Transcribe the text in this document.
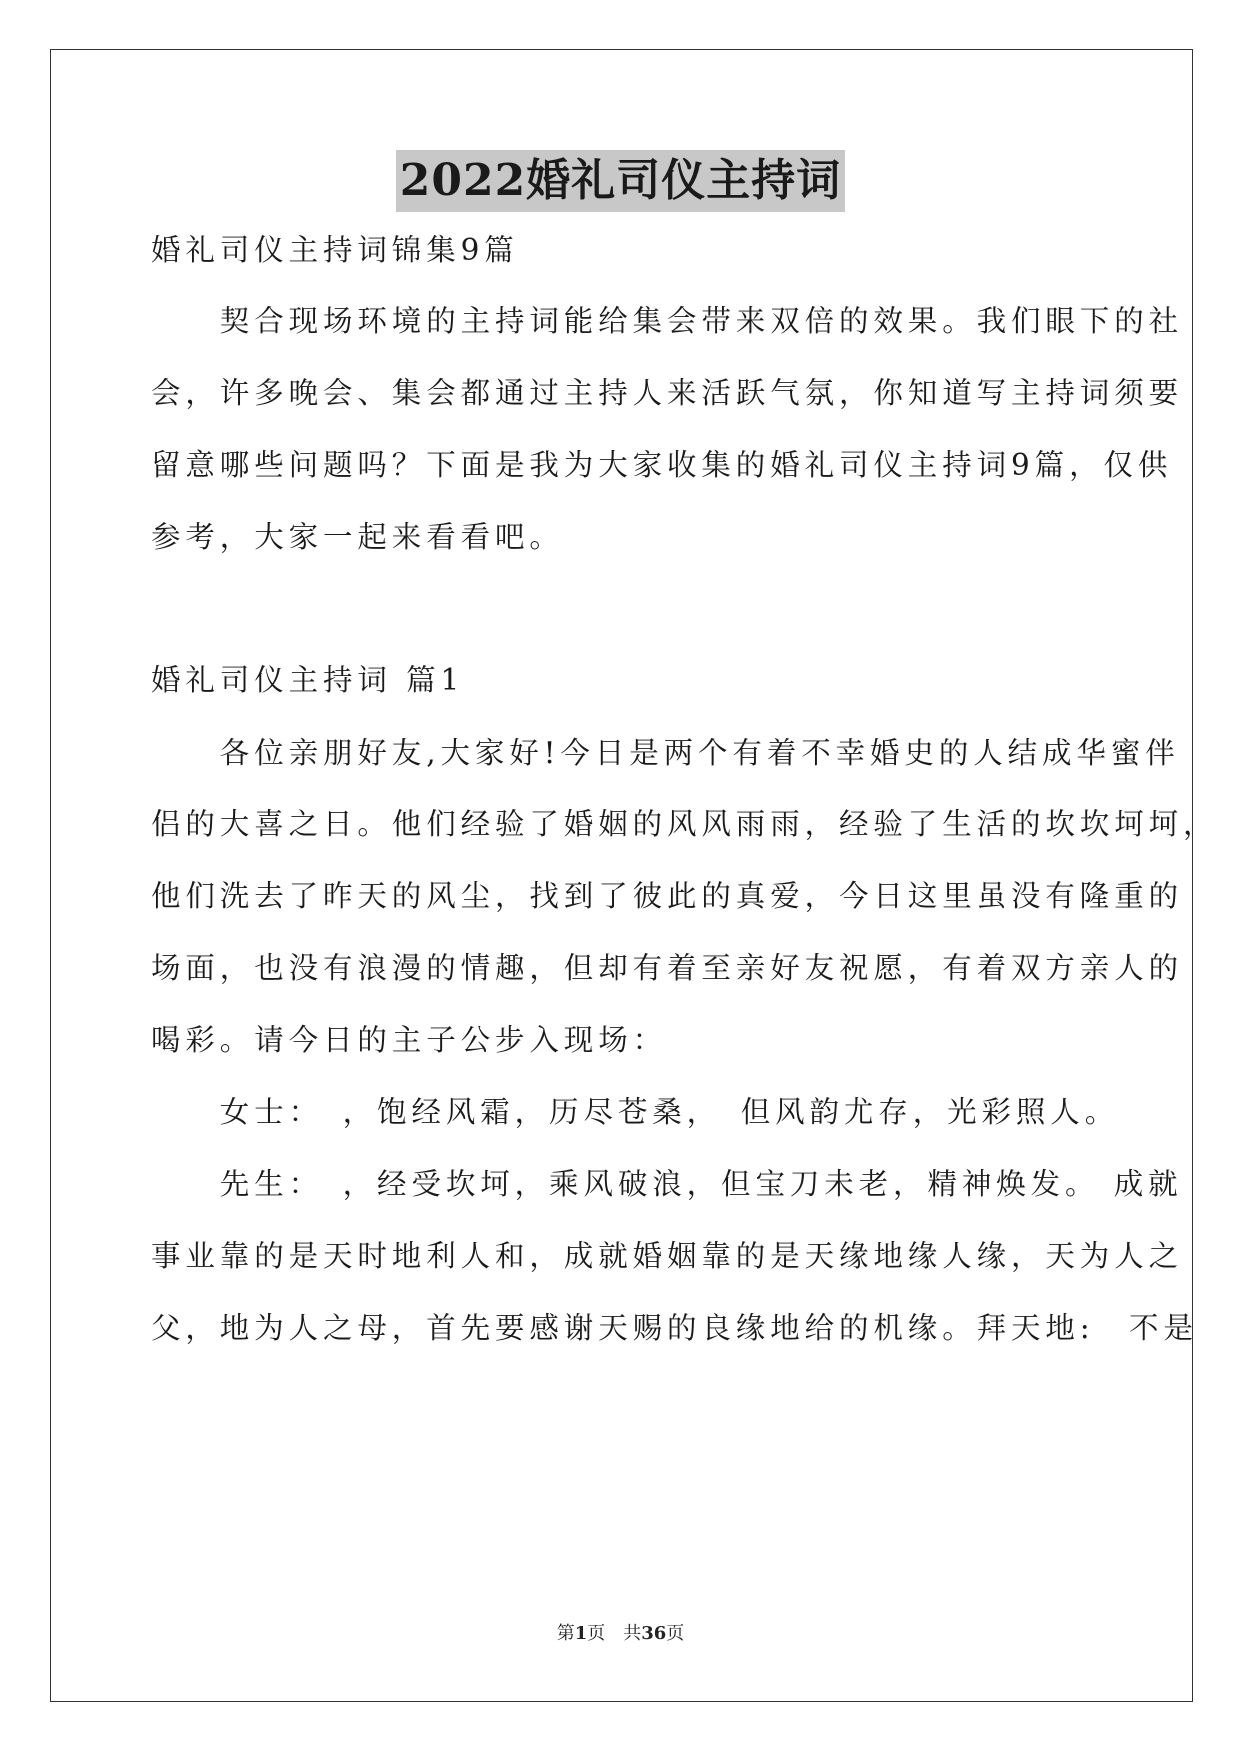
2022婚礼司仪主持词
婚礼司仪主持词锦集9篇
　　契合现场环境的主持词能给集会带来双倍的效果。我们眼下的社
会，许多晚会、集会都通过主持人来活跃气氛，你知道写主持词须要
留意哪些问题吗？下面是我为大家收集的婚礼司仪主持词9篇，仅供
参考，大家一起来看看吧。
婚礼司仪主持词 篇1
　　各位亲朋好友,大家好!今日是两个有着不幸婚史的人结成华蜜伴
侣的大喜之日。他们经验了婚姻的风风雨雨，经验了生活的坎坎坷坷，
他们洗去了昨天的风尘，找到了彼此的真爱，今日这里虽没有隆重的
场面，也没有浪漫的情趣，但却有着至亲好友祝愿，有着双方亲人的
喝彩。请今日的主子公步入现场：
　　女士：　，饱经风霜，历尽苍桑，　但风韵尤存，光彩照人。
　　先生：　，经受坎坷，乘风破浪，但宝刀未老，精神焕发。 成就
事业靠的是天时地利人和，成就婚姻靠的是天缘地缘人缘，天为人之
父，地为人之母，首先要感谢天赐的良缘地给的机缘。拜天地:　不是
第1页　共36页
